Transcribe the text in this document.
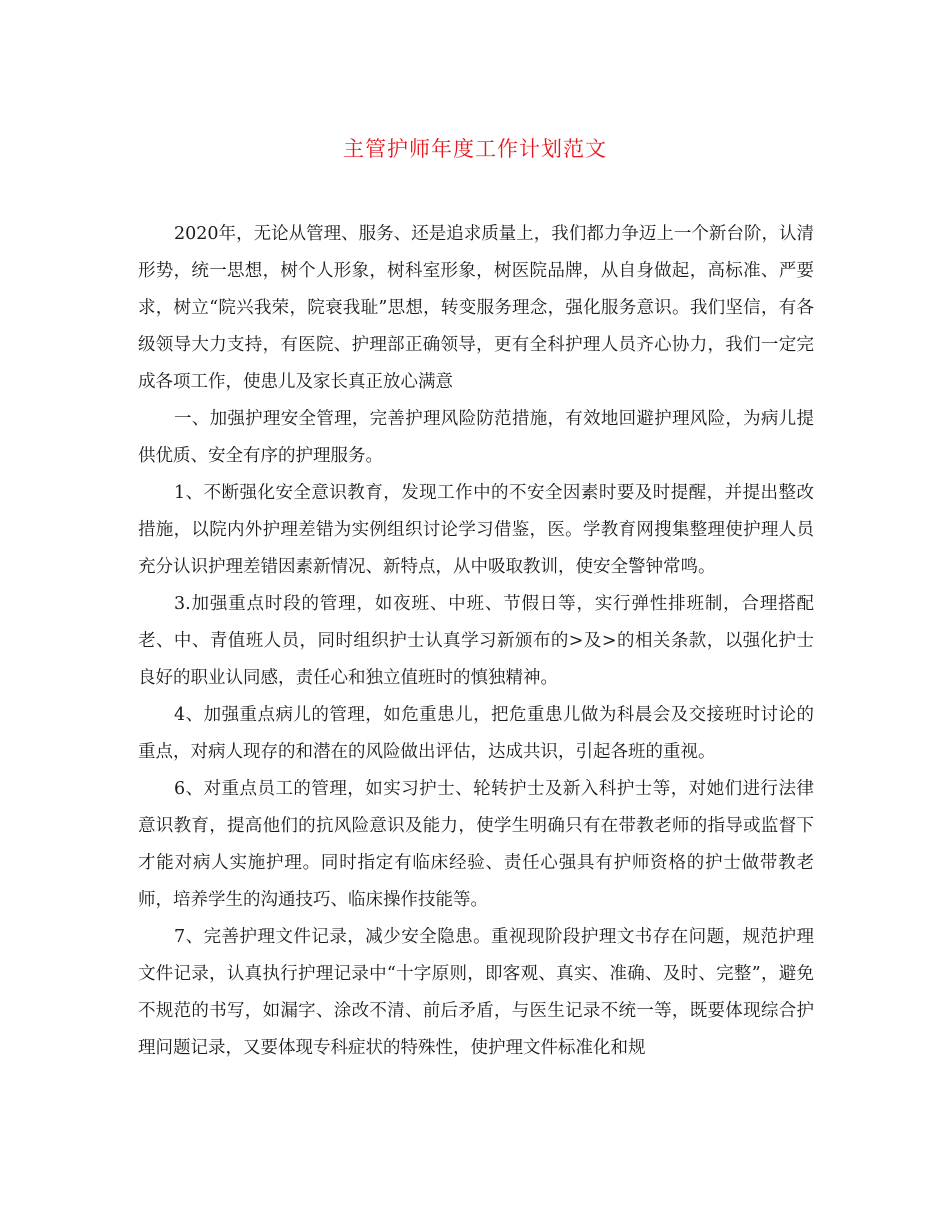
主管护师年度工作计划范文

2020年，无论从管理、服务、还是追求质量上，我们都力争迈上一个新台阶，认清形势，统一思想，树个人形象，树科室形象，树医院品牌，从自身做起，高标准、严要求，树立“院兴我荣，院衰我耻”思想，转变服务理念，强化服务意识。我们坚信，有各级领导大力支持，有医院、护理部正确领导，更有全科护理人员齐心协力，我们一定完成各项工作，使患儿及家长真正放心满意

一、加强护理安全管理，完善护理风险防范措施，有效地回避护理风险，为病儿提供优质、安全有序的护理服务。

1、不断强化安全意识教育，发现工作中的不安全因素时要及时提醒，并提出整改措施，以院内外护理差错为实例组织讨论学习借鉴，医。学教育网搜集整理使护理人员充分认识护理差错因素新情况、新特点，从中吸取教训，使安全警钟常鸣。

3.加强重点时段的管理，如夜班、中班、节假日等，实行弹性排班制，合理搭配老、中、青值班人员，同时组织护士认真学习新颁布的>及>的相关条款，以强化护士良好的职业认同感，责任心和独立值班时的慎独精神。

4、加强重点病儿的管理，如危重患儿，把危重患儿做为科晨会及交接班时讨论的重点，对病人现存的和潜在的风险做出评估，达成共识，引起各班的重视。

6、对重点员工的管理，如实习护士、轮转护士及新入科护士等，对她们进行法律意识教育，提高他们的抗风险意识及能力，使学生明确只有在带教老师的指导或监督下才能对病人实施护理。同时指定有临床经验、责任心强具有护师资格的护士做带教老师，培养学生的沟通技巧、临床操作技能等。

7、完善护理文件记录，减少安全隐患。重视现阶段护理文书存在问题，规范护理文件记录，认真执行护理记录中“十字原则，即客观、真实、准确、及时、完整”，避免不规范的书写，如漏字、涂改不清、前后矛盾，与医生记录不统一等，既要体现综合护理问题记录，又要体现专科症状的特殊性，使护理文件标准化和规
